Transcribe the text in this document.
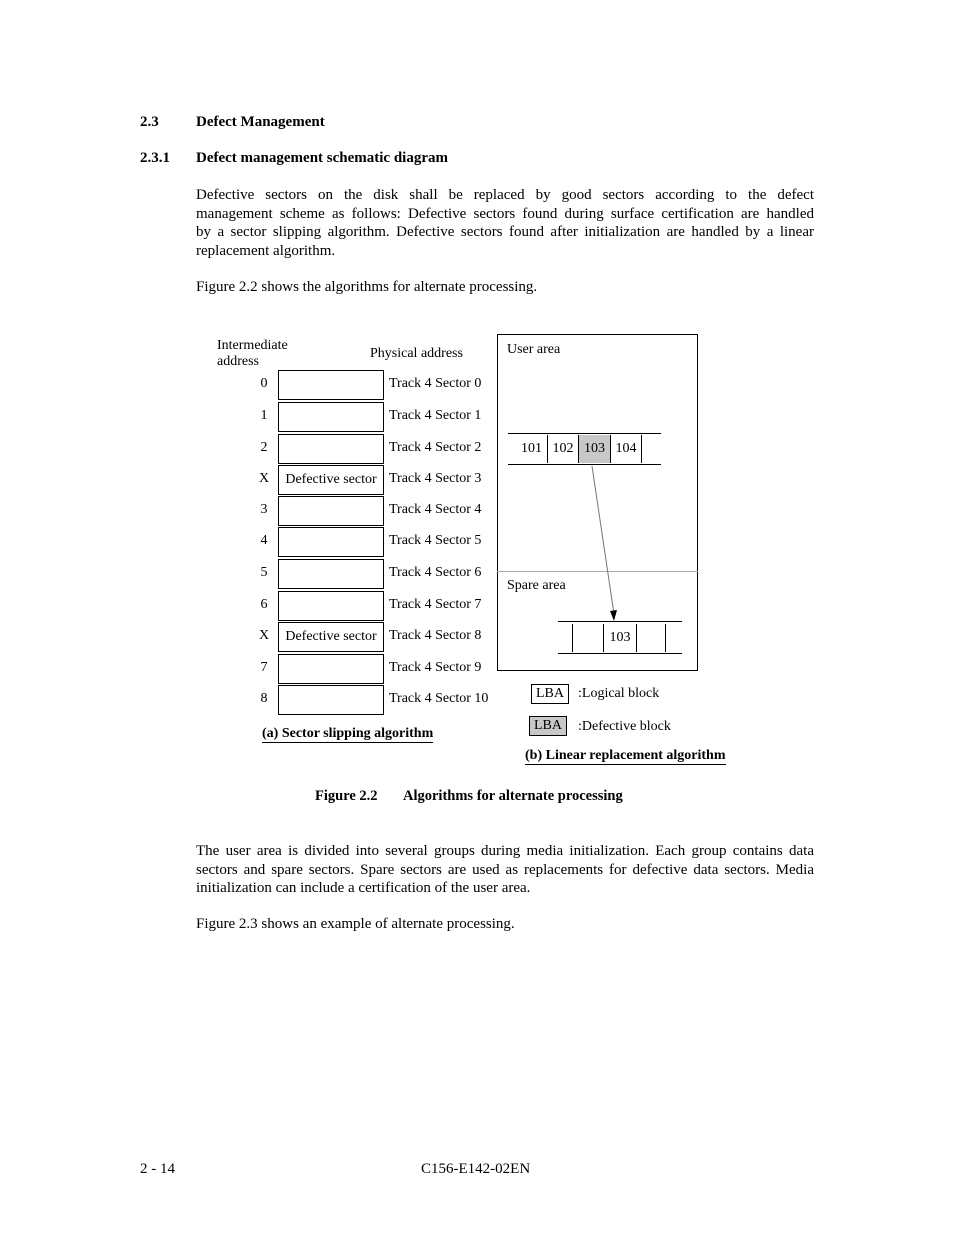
2.3 Defect Management
2.3.1 Defect management schematic diagram
Defective sectors on the disk shall be replaced by good sectors according to the defect
management scheme as follows: Defective sectors found during surface certification are handled
by a sector slipping algorithm. Defective sectors found after initialization are handled by a linear
replacement algorithm.
Figure 2.2 shows the algorithms for alternate processing.
Intermediate
address
Physical address
0	Track 4 Sector 0
1	Track 4 Sector 1
2	Track 4 Sector 2
X	Defective sector Track 4 Sector 3
3	Track 4 Sector 4
4	Track 4 Sector 5
5	Track 4 Sector 6
6	Track 4 Sector 7
X	Defective sector Track 4 Sector 8
7	Track 4 Sector 9
8	Track 4 Sector 10
(a) Sector slipping algorithm
User area
Spare area
101 102 103 104
103
LBA	:Logical block
LBA	:Defective block
(b) Linear replacement algorithm
Figure 2.2 Algorithms for alternate processing
The user area is divided into several groups during media initialization. Each group contains data
sectors and spare sectors. Spare sectors are used as replacements for defective data sectors. Media
initialization can include a certification of the user area.
Figure 2.3 shows an example of alternate processing.
2 - 14	C156-E142-02EN
